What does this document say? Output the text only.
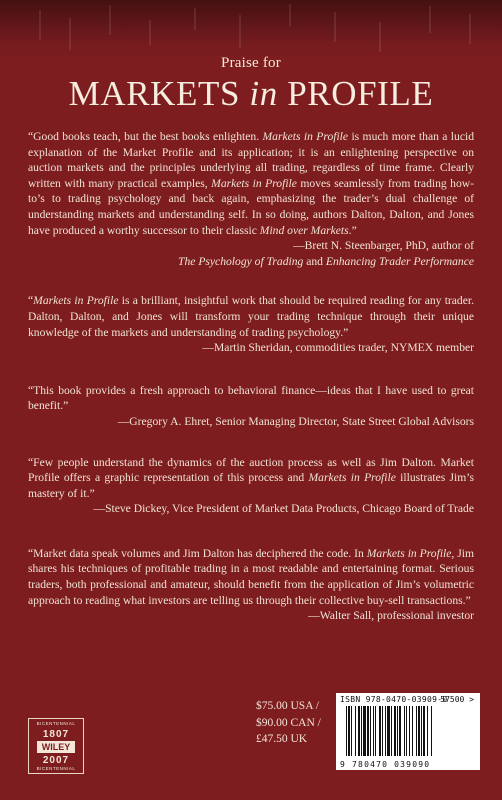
Praise for
MARKETS in PROFILE

“Good books teach, but the best books enlighten. Markets in Profile is much more than a lucid explanation of the Market Profile and its application; it is an enlightening perspective on auction markets and the principles underlying all trading, regardless of time frame. Clearly written with many practical examples, Markets in Profile moves seamlessly from trading how-to’s to trading psychology and back again, emphasizing the trader’s dual challenge of understanding markets and understanding self. In so doing, authors Dalton, Dalton, and Jones have produced a worthy successor to their classic Mind over Markets.”

—Brett N. Steenbarger, PhD, author of

The Psychology of Trading and Enhancing Trader Performance

“Markets in Profile is a brilliant, insightful work that should be required reading for any trader. Dalton, Dalton, and Jones will transform your trading technique through their unique knowledge of the markets and understanding of trading psychology.”

—Martin Sheridan, commodities trader, NYMEX member

“This book provides a fresh approach to behavioral finance—ideas that I have used to great benefit.”

—Gregory A. Ehret, Senior Managing Director, State Street Global Advisors

“Few people understand the dynamics of the auction process as well as Jim Dalton. Market Profile offers a graphic representation of this process and Markets in Profile illustrates Jim’s mastery of it.”

—Steve Dickey, Vice President of Market Data Products, Chicago Board of Trade

“Market data speak volumes and Jim Dalton has deciphered the code. In Markets in Profile, Jim shares his techniques of profitable trading in a most readable and entertaining format. Serious traders, both professional and amateur, should benefit from the application of Jim’s volumetric approach to reading what investors are telling us through their collective buy-sell transactions.”

—Walter Sall, professional investor

BICENTENNIAL
1807
WILEY
2007
BICENTENNIAL
$75.00 USA /
$90.00 CAN /
£47.50 UK
ISBN 978-0470-03909-0
57500 >
9 780470 039090
